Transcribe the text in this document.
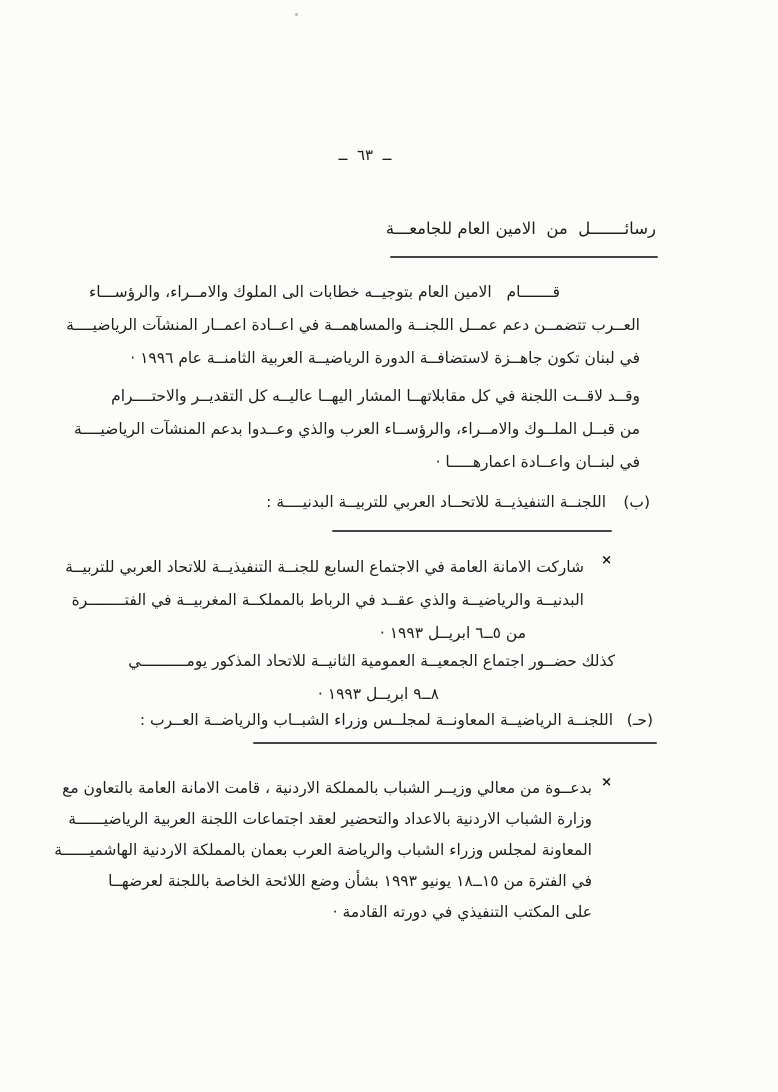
ــ  ٦٣  ــ
رسائـــــــل  من  الامين العام للجامعـــة
قـــــــام   الامين العام بتوجيــه خطابات الى الملوك والامــراء، والرؤســـاء
العــرب تتضمــن دعم عمــل اللجنــة والمساهمــة في اعــادة اعمــار المنشآت الرياضيــــة
في لبنان تكون جاهــزة لاستضافــة الدورة الرياضيــة العربية الثامنــة عام ١٩٩٦ ·
وقــد لاقــت اللجنة في كل مقابلاتهــا المشار اليهــا عاليــه كل التقديــر والاحتــــرام
من قبــل الملــوك والامــراء، والرؤســاء العرب والذي وعــدوا بدعم المنشآت الرياضيــــة
في لبنــان واعــادة اعمارهـــــا ·
(ب)
اللجنــة التنفيذيــة للاتحــاد العربي للتربيــة البدنيــــة :
×
شاركت الامانة العامة في الاجتماع السابع للجنــة التنفيذيــة للاتحاد العربي للتربيــة
البدنيــة والرياضيــة والذي عقــد في الرباط بالمملكــة المغربيــة في الفتــــــــرة
من ٥ــ٦ ابريــل ١٩٩٣ ·
كذلك حضــور اجتماع الجمعيــة العمومية الثانيــة للاتحاد المذكور يومــــــــــي
٨ــ٩ ابريــل ١٩٩٣ ·
(حـ)
اللجنــة الرياضيــة المعاونــة لمجلــس وزراء الشبــاب والرياضــة العــرب :
×
بدعــوة من معالي وزيــر الشباب بالمملكة الاردنية ، قامت الامانة العامة بالتعاون مع
وزارة الشباب الاردنية بالاعداد والتحضير لعقد اجتماعات اللجنة العربية الرياضيــــــة
المعاونة لمجلس وزراء الشباب والرياضة العرب بعمان بالمملكة الاردنية الهاشميــــــة
في الفترة من ١٥ــ١٨ يونيو ١٩٩٣ بشأن وضع اللائحة الخاصة باللجنة لعرضهــا
على المكتب التنفيذي في دورته القادمة ·
